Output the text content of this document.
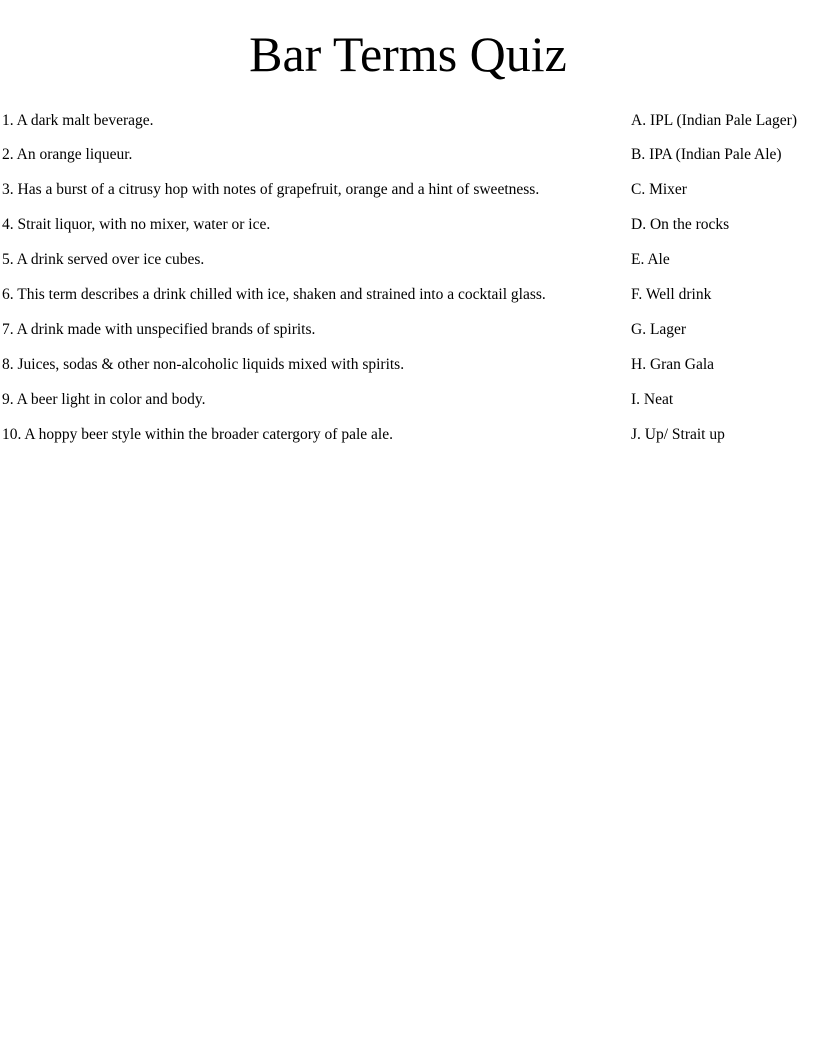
Bar Terms Quiz
1. A dark malt beverage.	A. IPL (Indian Pale Lager)
2. An orange liqueur.	B. IPA (Indian Pale Ale)
3. Has a burst of a citrusy hop with notes of grapefruit, orange and a hint of sweetness.	C. Mixer
4. Strait liquor, with no mixer, water or ice.	D. On the rocks
5. A drink served over ice cubes.	E. Ale
6. This term describes a drink chilled with ice, shaken and strained into a cocktail glass.	F. Well drink
7. A drink made with unspecified brands of spirits.	G. Lager
8. Juices, sodas & other non-alcoholic liquids mixed with spirits.	H. Gran Gala
9. A beer light in color and body.	I. Neat
10. A hoppy beer style within the broader catergory of pale ale.	J. Up/ Strait up
